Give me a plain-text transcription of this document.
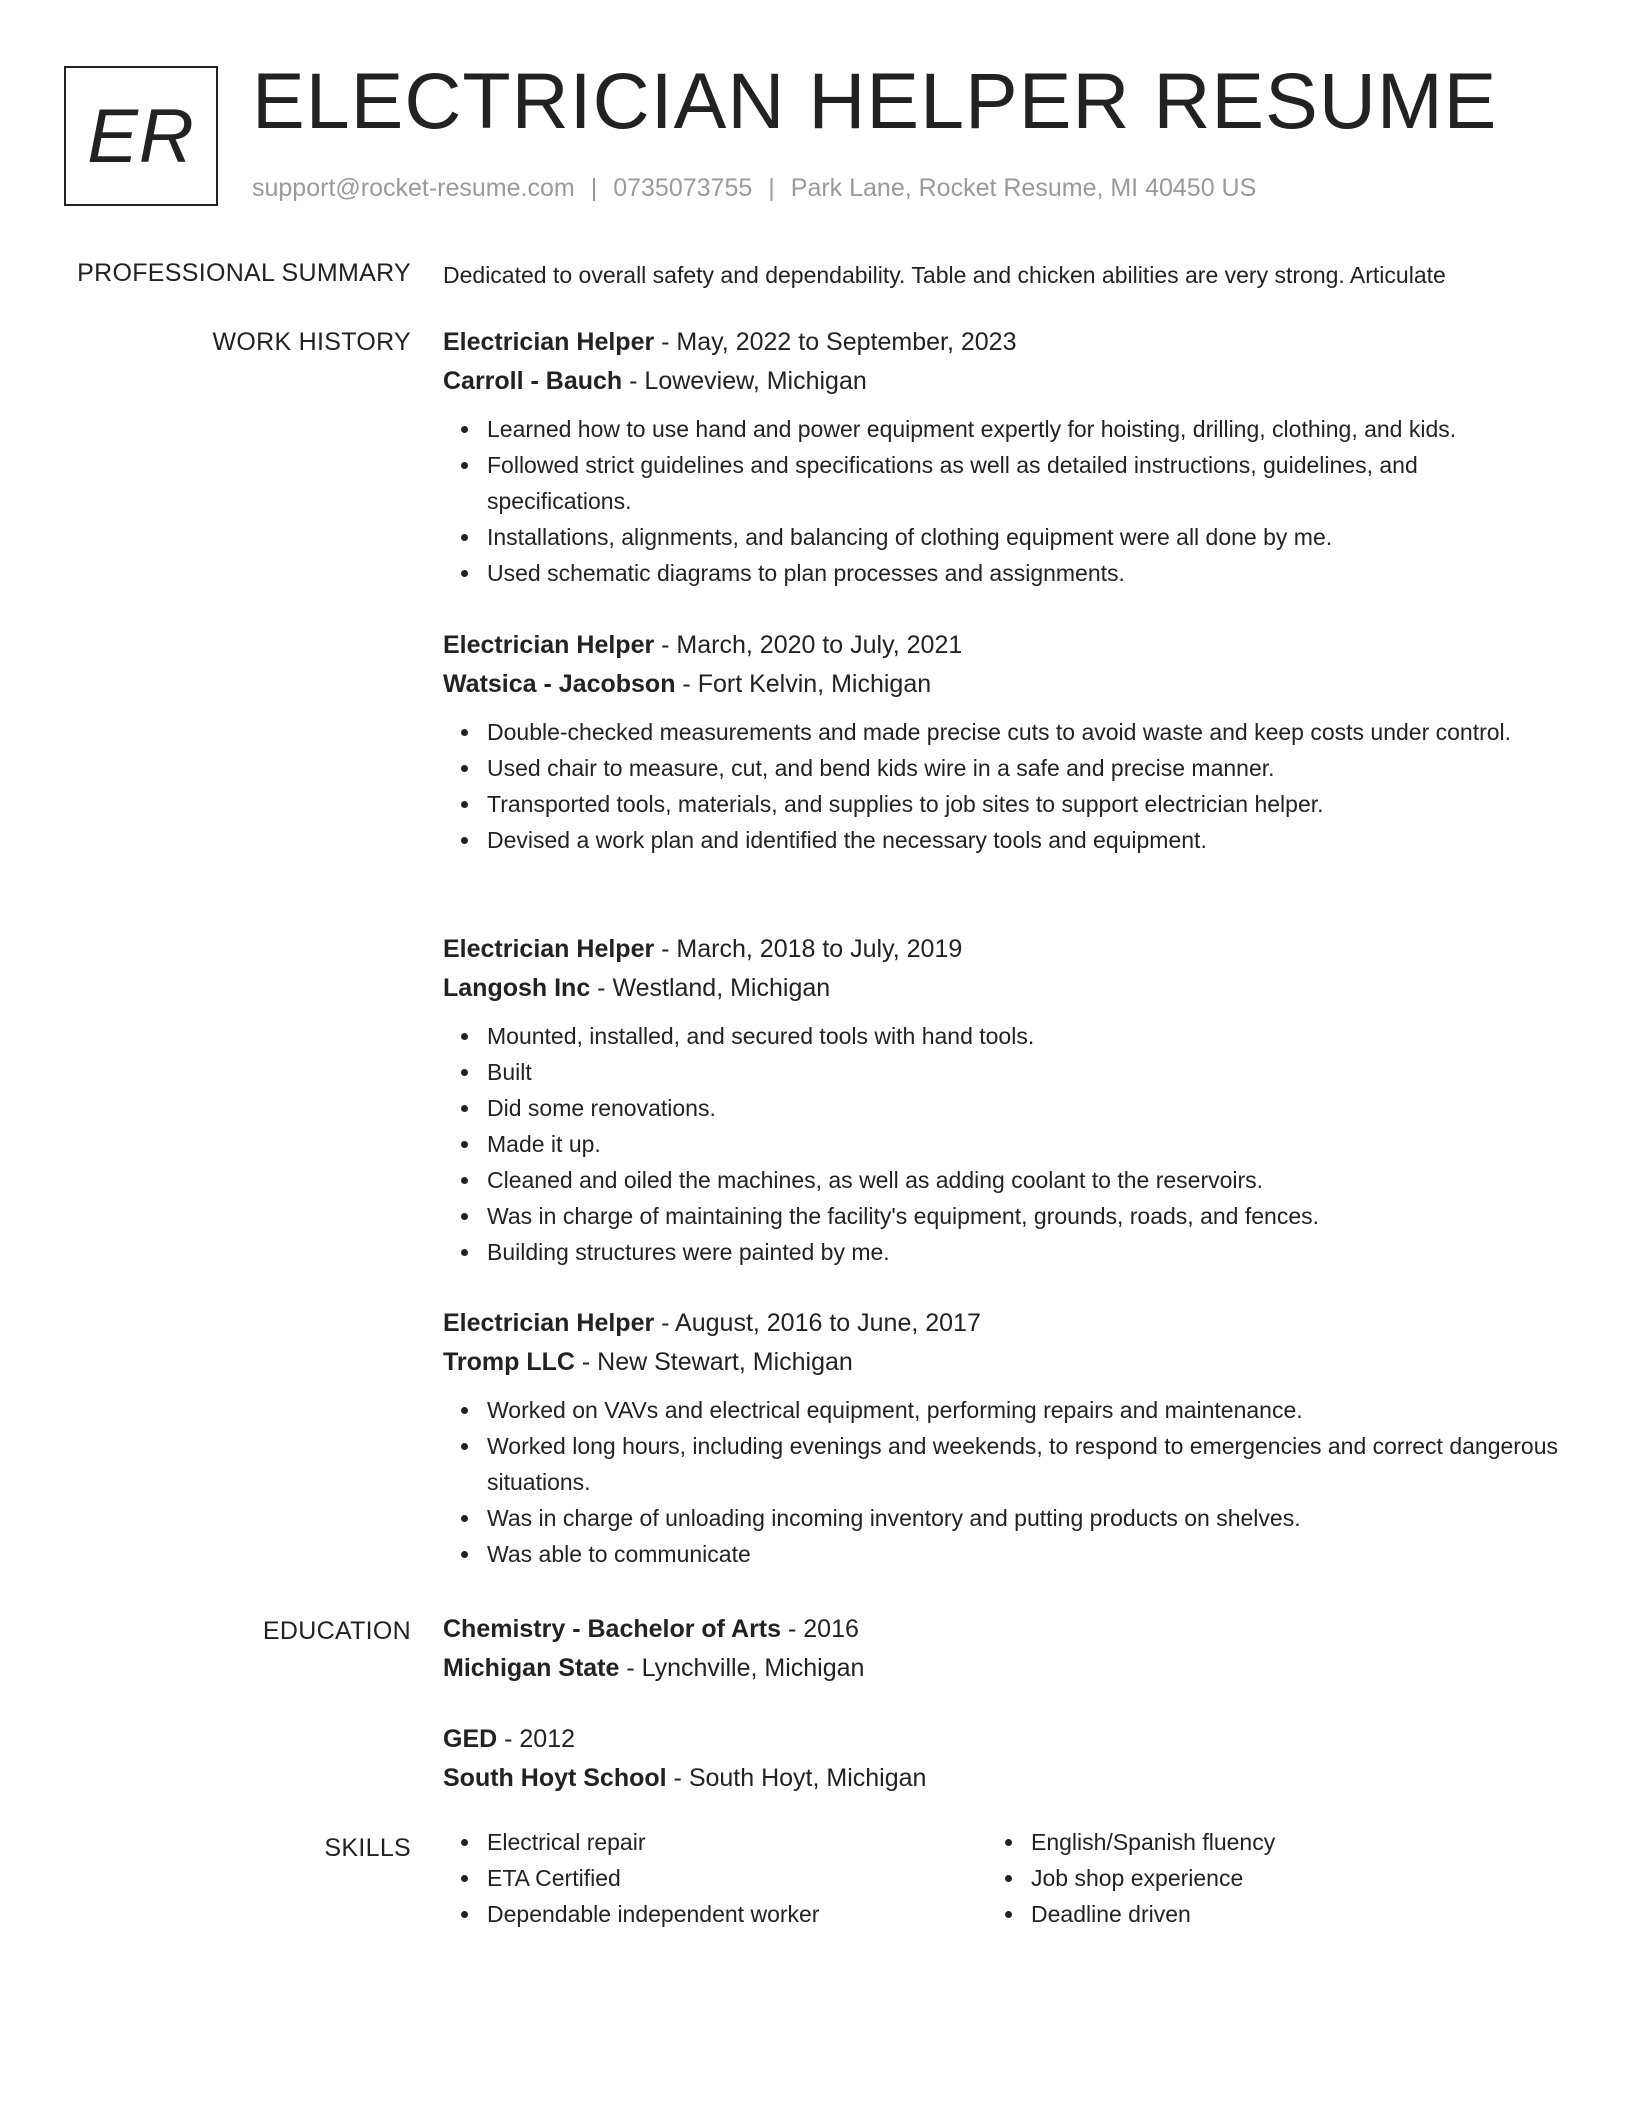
ER ELECTRICIAN HELPER RESUME
support@rocket-resume.com | 0735073755 | Park Lane, Rocket Resume, MI 40450 US
PROFESSIONAL SUMMARY Dedicated to overall safety and dependability. Table and chicken abilities are very strong. Articulate
WORK HISTORY Electrician Helper - May, 2022 to September, 2023
Carroll - Bauch - Loweview, Michigan
Learned how to use hand and power equipment expertly for hoisting, drilling, clothing, and kids.
Followed strict guidelines and specifications as well as detailed instructions, guidelines, and specifications.
Installations, alignments, and balancing of clothing equipment were all done by me.
Used schematic diagrams to plan processes and assignments.
Electrician Helper - March, 2020 to July, 2021
Watsica - Jacobson - Fort Kelvin, Michigan
Double-checked measurements and made precise cuts to avoid waste and keep costs under control.
Used chair to measure, cut, and bend kids wire in a safe and precise manner.
Transported tools, materials, and supplies to job sites to support electrician helper.
Devised a work plan and identified the necessary tools and equipment.
Electrician Helper - March, 2018 to July, 2019
Langosh Inc - Westland, Michigan
Mounted, installed, and secured tools with hand tools.
Built
Did some renovations.
Made it up.
Cleaned and oiled the machines, as well as adding coolant to the reservoirs.
Was in charge of maintaining the facility's equipment, grounds, roads, and fences.
Building structures were painted by me.
Electrician Helper - August, 2016 to June, 2017
Tromp LLC - New Stewart, Michigan
Worked on VAVs and electrical equipment, performing repairs and maintenance.
Worked long hours, including evenings and weekends, to respond to emergencies and correct dangerous situations.
Was in charge of unloading incoming inventory and putting products on shelves.
Was able to communicate
EDUCATION Chemistry - Bachelor of Arts - 2016
Michigan State - Lynchville, Michigan
GED - 2012
South Hoyt School - South Hoyt, Michigan
SKILLS	Electrical repair
ETA Certified
Dependable independent worker
English/Spanish fluency
Job shop experience
Deadline driven
